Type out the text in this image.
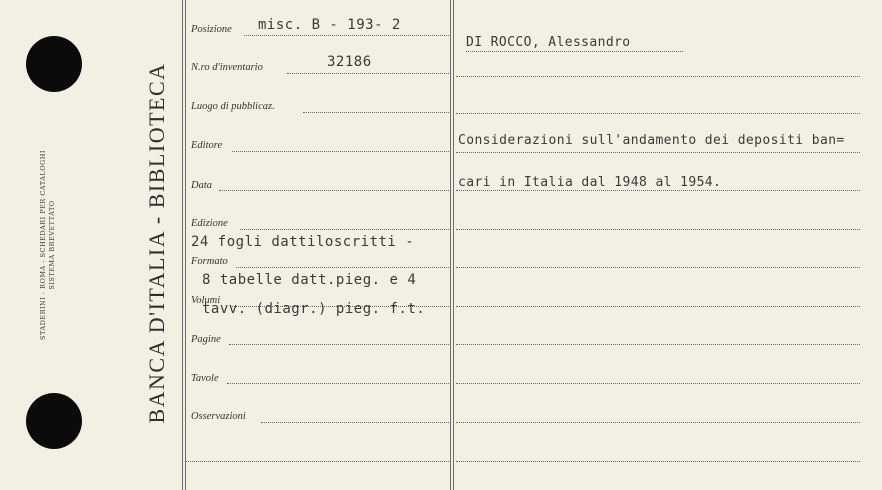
STADERINI - ROMA - SCHEDARI PER CATALOGHI SISTEMA BREVETTATO	BANCA D'ITALIA - BIBLIOTECA
Posizione misc. B - 193- 2
N.ro d'inventario	32186
Luogo di pubblicaz.
Editore
Data
Edizione
24 fogli dattiloscritti -
Formato
8 tabelle datt.pieg. e 4
Volumi
tavv. (diagr.) pieg. f.t.
Pagine
Tavole
Osservazioni
DI ROCCO, Alessandro
Considerazioni sull'andamento dei depositi ban=
cari in Italia dal 1948 al 1954.
